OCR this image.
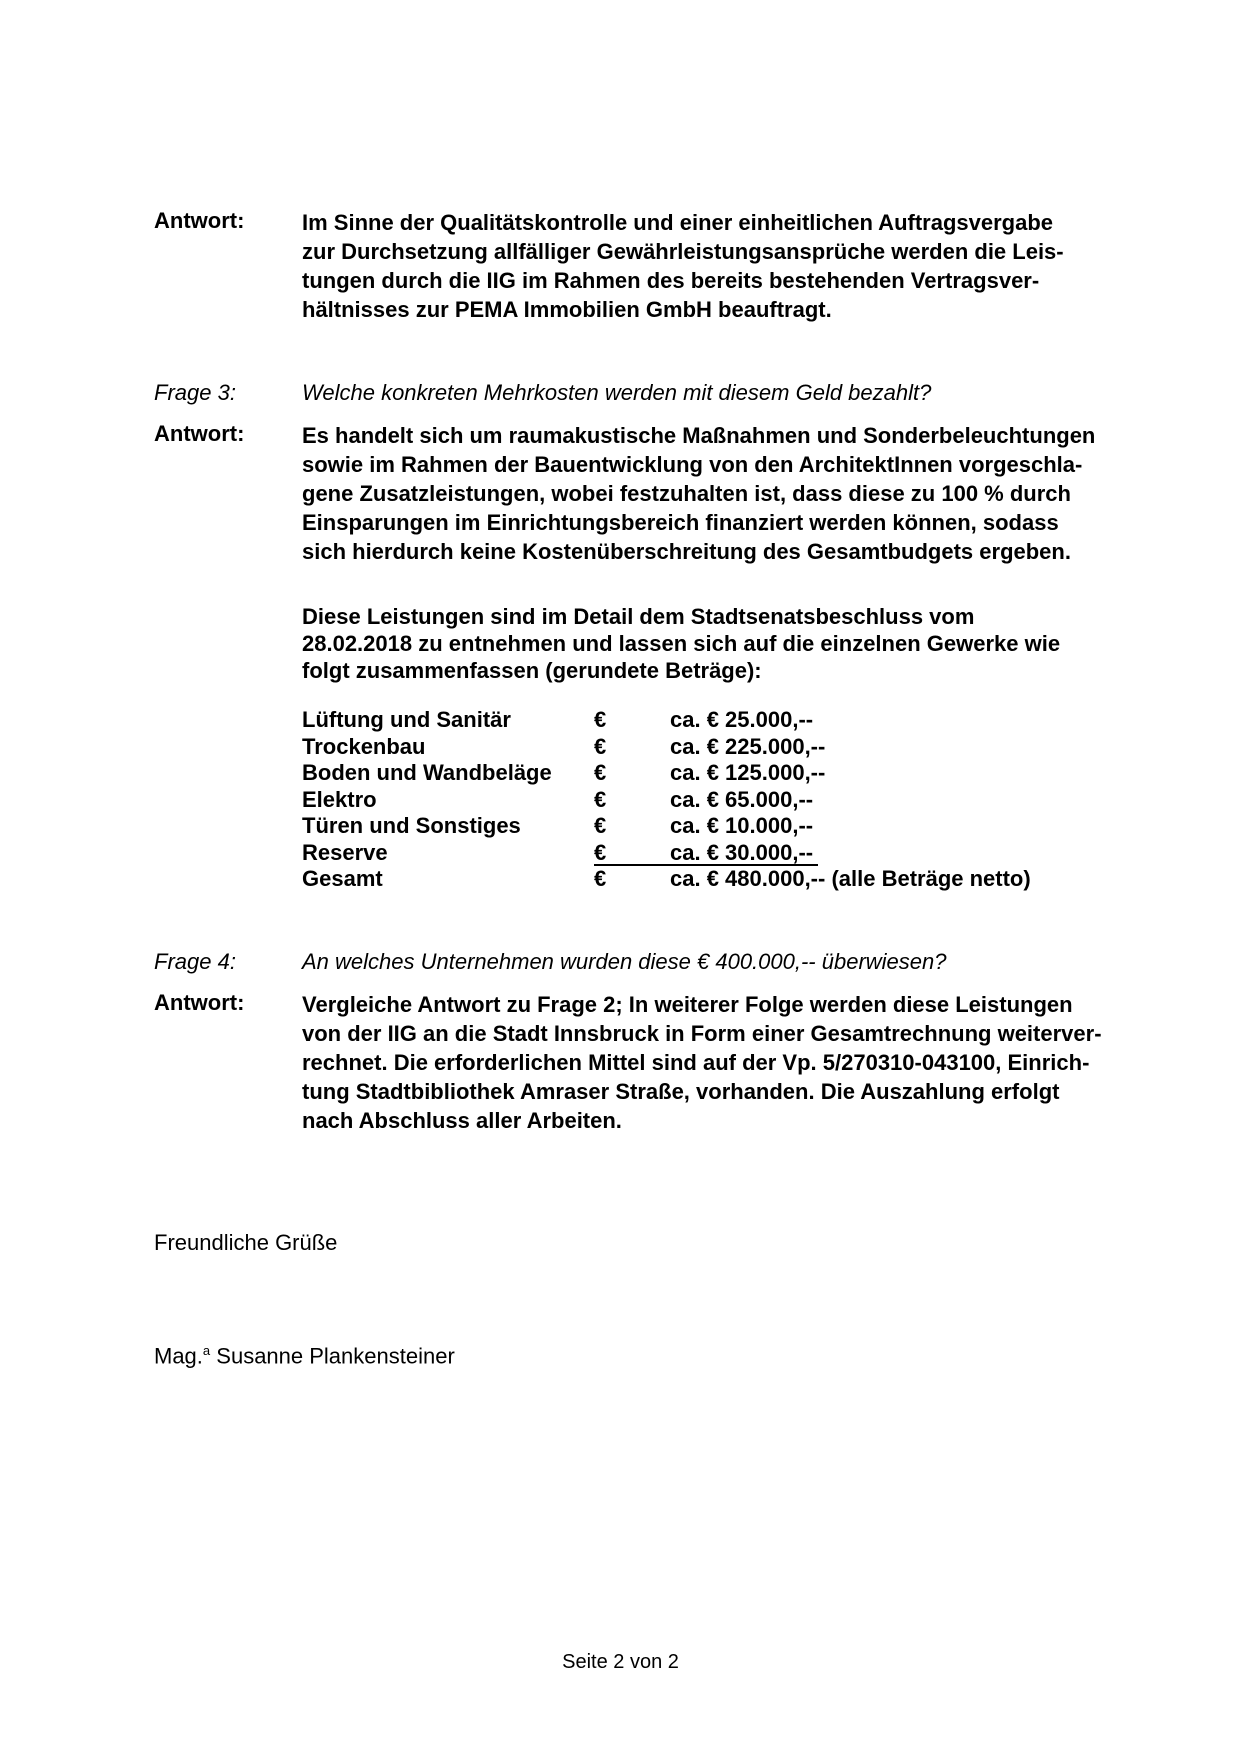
Antwort:	Im Sinne der Qualitätskontrolle und einer einheitlichen Auftragsvergabe
zur Durchsetzung allfälliger Gewährleistungsansprüche werden die Leis-
tungen durch die IIG im Rahmen des bereits bestehenden Vertragsver-
hältnisses zur PEMA Immobilien GmbH beauftragt.
Frage 3:	Welche konkreten Mehrkosten werden mit diesem Geld bezahlt?
Antwort:	Es handelt sich um raumakustische Maßnahmen und Sonderbeleuchtungen
sowie im Rahmen der Bauentwicklung von den ArchitektInnen vorgeschla-
gene Zusatzleistungen, wobei festzuhalten ist, dass diese zu 100 % durch
Einsparungen im Einrichtungsbereich finanziert werden können, sodass
sich hierdurch keine Kostenüberschreitung des Gesamtbudgets ergeben.
Diese Leistungen sind im Detail dem Stadtsenatsbeschluss vom
28.02.2018 zu entnehmen und lassen sich auf die einzelnen Gewerke wie
folgt zusammenfassen (gerundete Beträge):
Lüftung und Sanitär	€	ca. € 25.000,--
Trockenbau	€	ca. € 225.000,--
Boden und Wandbeläge €	ca. € 125.000,--
Elektro	€	ca. € 65.000,--
Türen und Sonstiges	€	ca. € 10.000,--
Reserve	€	ca. € 30.000,--
Gesamt	€	ca. € 480.000,-- (alle Beträge netto)
Frage 4:	An welches Unternehmen wurden diese € 400.000,-- überwiesen?
Antwort:	Vergleiche Antwort zu Frage 2; In weiterer Folge werden diese Leistungen
von der IIG an die Stadt Innsbruck in Form einer Gesamtrechnung weiterver-
rechnet. Die erforderlichen Mittel sind auf der Vp. 5/270310-043100, Einrich-
tung Stadtbibliothek Amraser Straße, vorhanden. Die Auszahlung erfolgt
nach Abschluss aller Arbeiten.
Freundliche Grüße
Mag.$^a$ Susanne Plankensteiner
Seite 2 von 2
